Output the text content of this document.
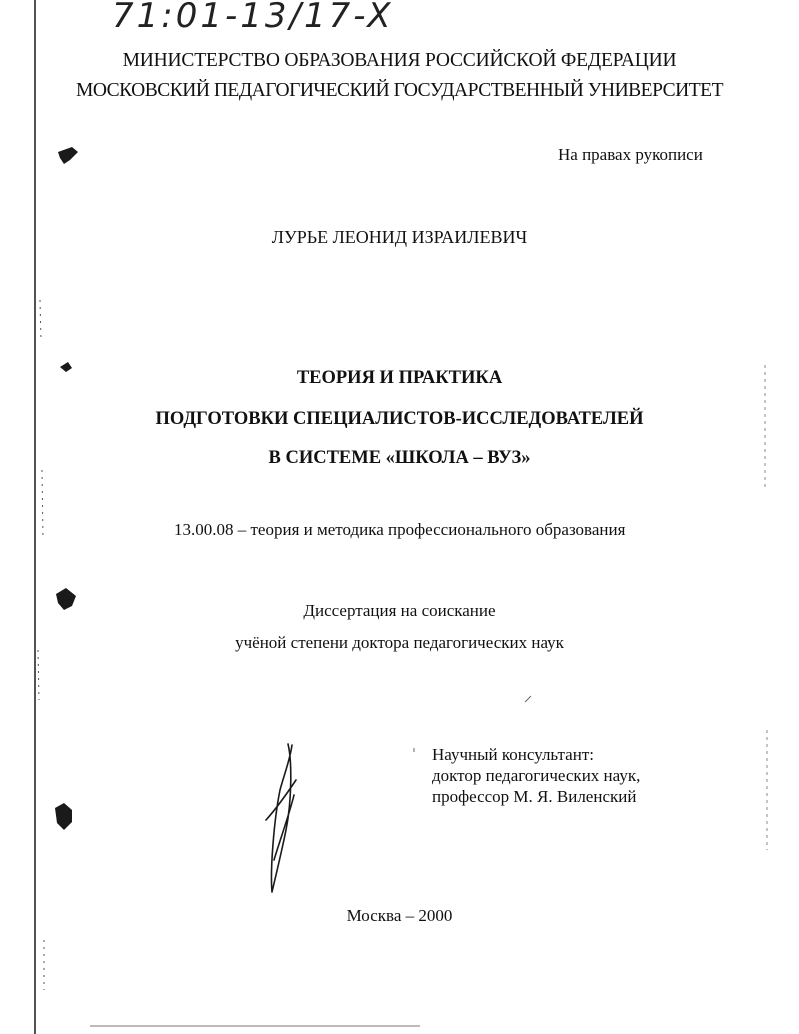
71:01-13/17-X
МИНИСТЕРСТВО ОБРАЗОВАНИЯ РОССИЙСКОЙ ФЕДЕРАЦИИ
МОСКОВСКИЙ ПЕДАГОГИЧЕСКИЙ ГОСУДАРСТВЕННЫЙ УНИВЕРСИТЕТ
На правах рукописи
ЛУРЬЕ ЛЕОНИД ИЗРАИЛЕВИЧ
ТЕОРИЯ И ПРАКТИКА
ПОДГОТОВКИ СПЕЦИАЛИСТОВ-ИССЛЕДОВАТЕЛЕЙ
В СИСТЕМЕ «ШКОЛА – ВУЗ»
13.00.08 – теория и методика профессионального образования
Диссертация на соискание
учёной степени доктора педагогических наук
Научный консультант:
доктор педагогических наук,
профессор М. Я. Виленский
Москва – 2000
